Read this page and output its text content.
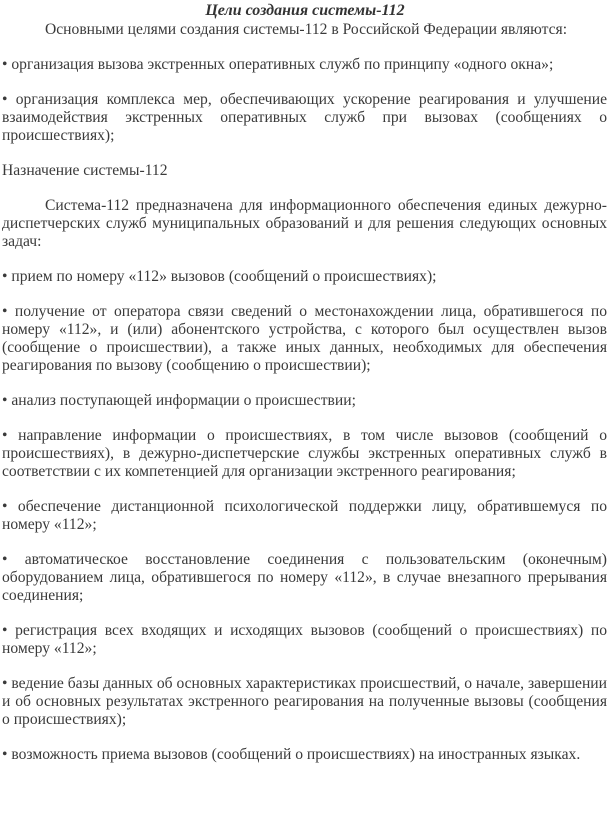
Цели создания системы-112

Основными целями создания системы-112 в Российской Федерации являются:

• организация вызова экстренных оперативных служб по принципу «одного окна»;

• организация комплекса мер, обеспечивающих ускорение реагирования и улучшение взаимодействия экстренных оперативных служб при вызовах (сообщениях о происшествиях);

Назначение системы-112

Система-112 предназначена для информационного обеспечения единых дежурно-диспетчерских служб муниципальных образований и для решения следующих основных задач:

• прием по номеру «112» вызовов (сообщений о происшествиях);

• получение от оператора связи сведений о местонахождении лица, обратившегося по номеру «112», и (или) абонентского устройства, с которого был осуществлен вызов (сообщение о происшествии), а также иных данных, необходимых для обеспечения реагирования по вызову (сообщению о происшествии);

• анализ поступающей информации о происшествии;

• направление информации о происшествиях, в том числе вызовов (сообщений о происшествиях), в дежурно-диспетчерские службы экстренных оперативных служб в соответствии с их компетенцией для организации экстренного реагирования;

• обеспечение дистанционной психологической поддержки лицу, обратившемуся по номеру «112»;

• автоматическое восстановление соединения с пользовательским (оконечным) оборудованием лица, обратившегося по номеру «112», в случае внезапного прерывания соединения;

• регистрация всех входящих и исходящих вызовов (сообщений о происшествиях) по номеру «112»;

• ведение базы данных об основных характеристиках происшествий, о начале, завершении и об основных результатах экстренного реагирования на полученные вызовы (сообщения о происшествиях);

• возможность приема вызовов (сообщений о происшествиях) на иностранных языках.
